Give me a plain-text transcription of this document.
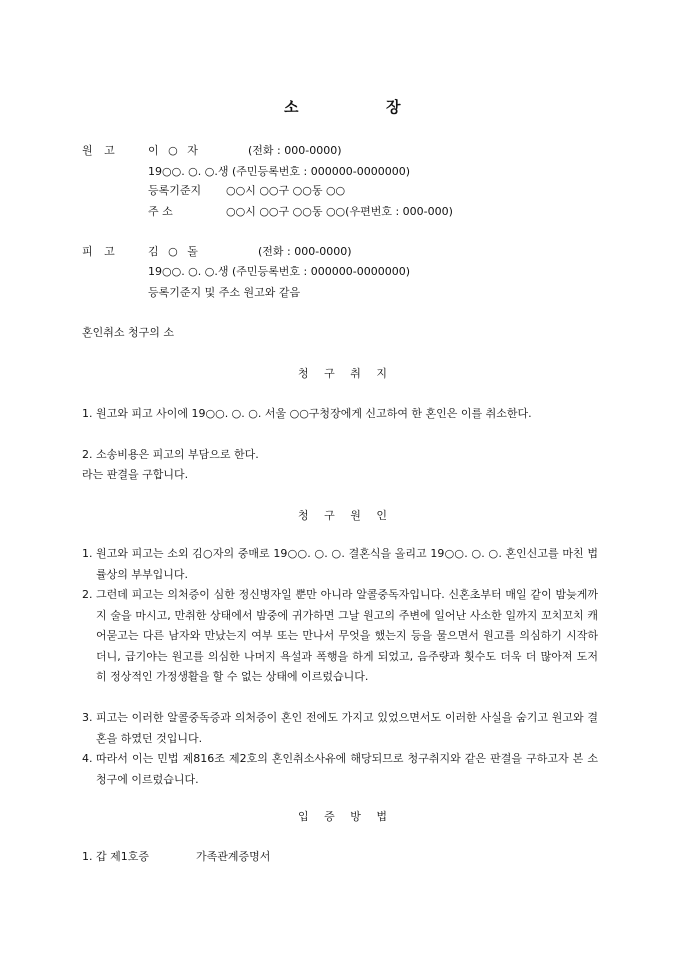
소	장
원 고	이 ○ 자	(전화 : 000-0000)
19○○. ○. ○.생 (주민등록번호 : 000000-0000000)
등록기준지 ○○시 ○○구 ○○동 ○○
주 소	○○시 ○○구 ○○동 ○○(우편번호 : 000-000)
피 고	김 ○ 돌	(전화 : 000-0000)
19○○. ○. ○.생 (주민등록번호 : 000000-0000000)
등록기준지 및 주소 원고와 같음
혼인취소 청구의 소
청 구 취 지
1. 원고와 피고 사이에 19○○. ○. ○. 서울 ○○구청장에게 신고하여 한 혼인은 이를 취소한다.
2. 소송비용은 피고의 부담으로 한다.
라는 판결을 구합니다.
청 구 원 인
1. 원고와 피고는 소외 김○자의 중매로 19○○. ○. ○. 결혼식을 올리고 19○○. ○. ○. 혼인신고를 마친 법률상의 부부입니다.
2. 그런데 피고는 의처증이 심한 정신병자일 뿐만 아니라 알콜중독자입니다. 신혼초부터 매일 같이 밤늦게까지 술을 마시고, 만취한 상태에서 밤중에 귀가하면 그날 원고의 주변에 일어난 사소한 일까지 꼬치꼬치 캐어묻고는 다른 남자와 만났는지 여부 또는 만나서 무엇을 했는지 등을 물으면서 원고를 의심하기 시작하더니, 급기야는 원고를 의심한 나머지 욕설과 폭행을 하게 되었고, 음주량과 횟수도 더욱 더 많아져 도저히 정상적인 가정생활을 할 수 없는 상태에 이르렀습니다.
3. 피고는 이러한 알콜중독증과 의처증이 혼인 전에도 가지고 있었으면서도 이러한 사실을 숨기고 원고와 결혼을 하였던 것입니다.
4. 따라서 이는 민법 제816조 제2호의 혼인취소사유에 해당되므로 청구취지와 같은 판결을 구하고자 본 소 청구에 이르렀습니다.
입 증 방 법
1. 갑 제1호증	가족관계증명서
